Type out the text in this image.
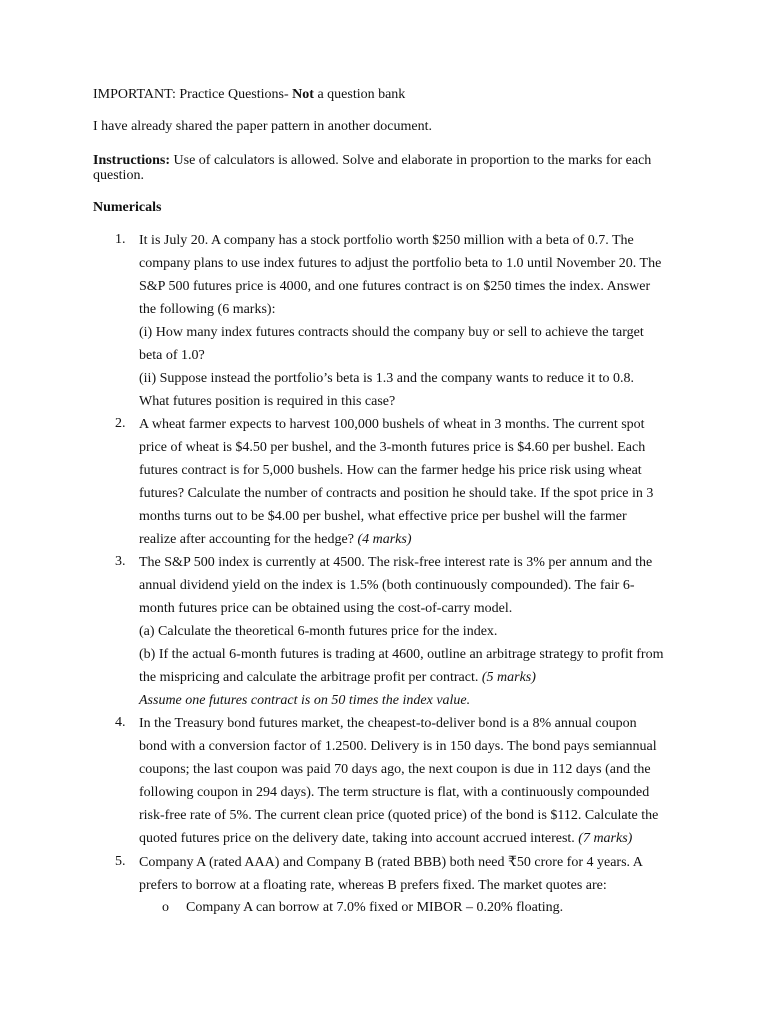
IMPORTANT: Practice Questions- Not a question bank

I have already shared the paper pattern in another document.

Instructions: Use of calculators is allowed. Solve and elaborate in proportion to the marks for each question.

Numericals

1. It is July 20. A company has a stock portfolio worth $250 million with a beta of 0.7. The
company plans to use index futures to adjust the portfolio beta to 1.0 until November 20. The
S&P 500 futures price is 4000, and one futures contract is on $250 times the index. Answer
the following (6 marks):
(i) How many index futures contracts should the company buy or sell to achieve the target
beta of 1.0?
(ii) Suppose instead the portfolio’s beta is 1.3 and the company wants to reduce it to 0.8.
What futures position is required in this case?
2. A wheat farmer expects to harvest 100,000 bushels of wheat in 3 months. The current spot
price of wheat is $4.50 per bushel, and the 3-month futures price is $4.60 per bushel. Each
futures contract is for 5,000 bushels. How can the farmer hedge his price risk using wheat
futures? Calculate the number of contracts and position he should take. If the spot price in 3
months turns out to be $4.00 per bushel, what effective price per bushel will the farmer
realize after accounting for the hedge? (4 marks)
3. The S&P 500 index is currently at 4500. The risk-free interest rate is 3% per annum and the
annual dividend yield on the index is 1.5% (both continuously compounded). The fair 6-
month futures price can be obtained using the cost-of-carry model.
(a) Calculate the theoretical 6-month futures price for the index.
(b) If the actual 6-month futures is trading at 4600, outline an arbitrage strategy to profit from
the mispricing and calculate the arbitrage profit per contract. (5 marks)
Assume one futures contract is on 50 times the index value.
4. In the Treasury bond futures market, the cheapest-to-deliver bond is a 8% annual coupon
bond with a conversion factor of 1.2500. Delivery is in 150 days. The bond pays semiannual
coupons; the last coupon was paid 70 days ago, the next coupon is due in 112 days (and the
following coupon in 294 days). The term structure is flat, with a continuously compounded
risk-free rate of 5%. The current clean price (quoted price) of the bond is $112. Calculate the
quoted futures price on the delivery date, taking into account accrued interest. (7 marks)
5. Company A (rated AAA) and Company B (rated BBB) both need ₹50 crore for 4 years. A
prefers to borrow at a floating rate, whereas B prefers fixed. The market quotes are:

o Company A can borrow at 7.0% fixed or MIBOR – 0.20% floating.
